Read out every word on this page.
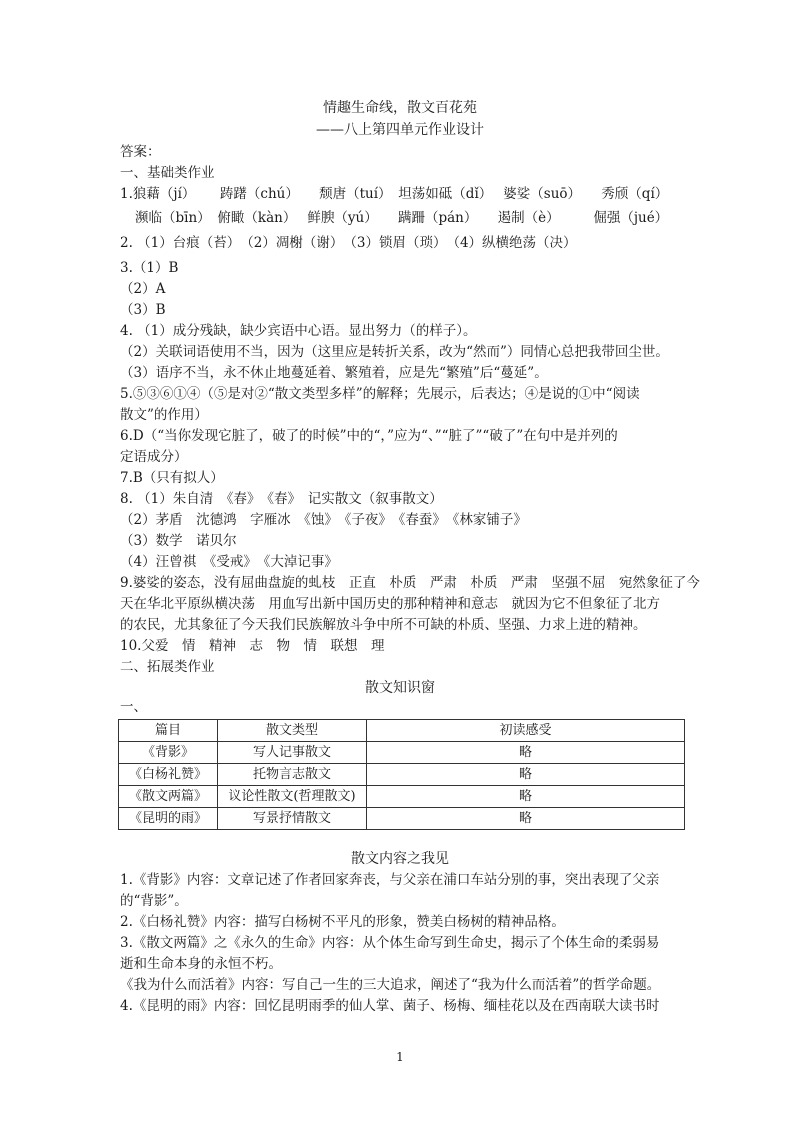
情趣生命线，散文百花苑
——八上第四单元作业设计
答案：
一、基础类作业
1.狼藉（jí）　　 踌躇（chú）　　颓唐（tuí）　坦荡如砥（dǐ）　 婆娑（suō）　　秀颀（qí）
濒临（bīn）　俯瞰（kàn）　 鲜腴（yú）　　蹒跚（pán）　　遏制（è）　　　倔强（jué）
2. （1）台痕（苔）　（2）凋榭（谢）　（3）锁眉（琐）　（4）纵横绝荡（决）
3.（1）B
（2）A
（3）B
4. （1）成分残缺，缺少宾语中心语。显出努力（的样子）。
（2）关联词语使用不当，因为（这里应是转折关系，改为“然而”）同情心总把我带回尘世。
（3）语序不当，永不休止地蔓延着、繁殖着，应是先“繁殖”后“蔓延”。
5.⑤③⑥①④（⑤是对②“散文类型多样”的解释；先展示，后表达；④是说的①中“阅读
散文”的作用）
6.D（“当你发现它脏了，破了的时候”中的“，”应为“、”“脏了”“破了”在句中是并列的
定语成分）
7.B（只有拟人）
8. （1）朱自清　《春》　《春》　记实散文（叙事散文）
（2）茅盾　沈德鸿　字雁冰　《蚀》　《子夜》　《春蚕》　《林家铺子》
（3）数学　诺贝尔
（4）汪曾祺　《受戒》　《大淖记事》
9.婆娑的姿态，没有屈曲盘旋的虬枝　正直　朴质　严肃　朴质　严肃　坚强不屈　宛然象征了今
天在华北平原纵横决荡　用血写出新中国历史的那种精神和意志　就因为它不但象征了北方
的农民，尤其象征了今天我们民族解放斗争中所不可缺的朴质、坚强、力求上进的精神。
10.父爱　情　精神　志　物　情　联想　理
二、拓展类作业
散文知识窗
一、
篇目	散文类型	初读感受
《背影》	写人记事散文	略
《白杨礼赞》	托物言志散文	略
《散文两篇》	议论性散文(哲理散文)	略
《昆明的雨》	写景抒情散文	略
散文内容之我见
1.《背影》内容：文章记述了作者回家奔丧，与父亲在浦口车站分别的事，突出表现了父亲
的“背影”。
2.《白杨礼赞》内容：描写白杨树不平凡的形象，赞美白杨树的精神品格。
3.《散文两篇》之《永久的生命》内容：从个体生命写到生命史，揭示了个体生命的柔弱易
逝和生命本身的永恒不朽。
《我为什么而活着》内容：写自己一生的三大追求，阐述了“我为什么而活着”的哲学命题。
4.《昆明的雨》内容：回忆昆明雨季的仙人掌、菌子、杨梅、缅桂花以及在西南联大读书时
1
